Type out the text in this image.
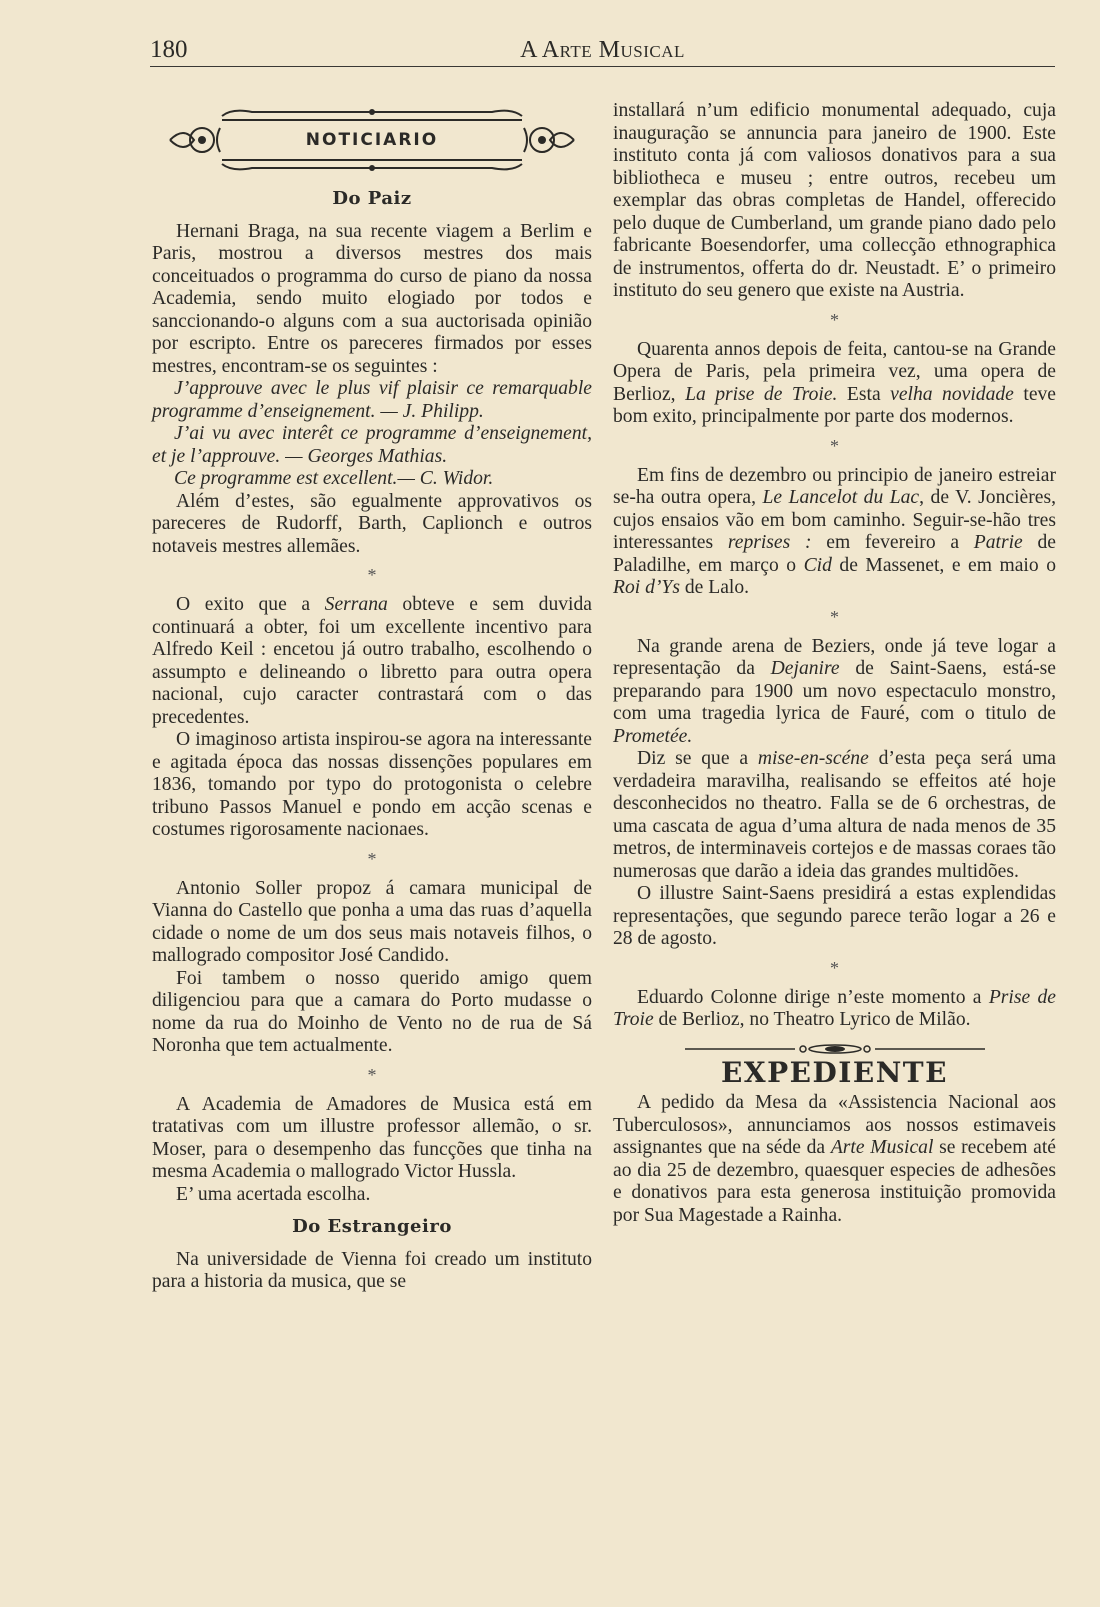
180	A Arte Musical
NOTICIARIO
Do Paiz

Hernani Braga, na sua recente viagem a Berlim e Paris, mostrou a diversos mestres dos mais conceituados o programma do curso de piano da nossa Academia, sendo muito elogiado por todos e sanccionando-o alguns com a sua auctorisada opinião por escripto. Entre os pareceres firmados por esses mestres, encontram-se os seguintes :

J’approuve avec le plus vif plaisir ce remarquable programme d’enseignement. — J. Philipp.

J’ai vu avec interêt ce programme d’enseignement, et je l’approuve. — Georges Mathias.

Ce programme est excellent.— C. Widor.

Além d’estes, são egualmente approvativos os pareceres de Rudorff, Barth, Caplionch e outros notaveis mestres allemães.

*

O exito que a Serrana obteve e sem duvida continuará a obter, foi um excellente incentivo para Alfredo Keil : encetou já outro trabalho, escolhendo o assumpto e delineando o libretto para outra opera nacional, cujo caracter contrastará com o das precedentes.

O imaginoso artista inspirou-se agora na interessante e agitada época das nossas dissenções populares em 1836, tomando por typo do protogonista o celebre tribuno Passos Manuel e pondo em acção scenas e costumes rigorosamente nacionaes.

*

Antonio Soller propoz á camara municipal de Vianna do Castello que ponha a uma das ruas d’aquella cidade o nome de um dos seus mais notaveis filhos, o mallogrado compositor José Candido.

Foi tambem o nosso querido amigo quem diligenciou para que a camara do Porto mudasse o nome da rua do Moinho de Vento no de rua de Sá Noronha que tem actualmente.

*

A Academia de Amadores de Musica está em tratativas com um illustre professor allemão, o sr. Moser, para o desempenho das funcções que tinha na mesma Academia o mallogrado Victor Hussla.

E’ uma acertada escolha.

Do Estrangeiro

Na universidade de Vienna foi creado um instituto para a historia da musica, que se

installará n’um edificio monumental adequado, cuja inauguração se annuncia para janeiro de 1900. Este instituto conta já com valiosos donativos para a sua bibliotheca e museu ; entre outros, recebeu um exemplar das obras completas de Handel, offerecido pelo duque de Cumberland, um grande piano dado pelo fabricante Boesendorfer, uma collecção ethnographica de instrumentos, offerta do dr. Neustadt. E’ o primeiro instituto do seu genero que existe na Austria.

*

Quarenta annos depois de feita, cantou-se na Grande Opera de Paris, pela primeira vez, uma opera de Berlioz, La prise de Troie. Esta velha novidade teve bom exito, principalmente por parte dos modernos.

*

Em fins de dezembro ou principio de janeiro estreiar se-ha outra opera, Le Lancelot du Lac, de V. Joncières, cujos ensaios vão em bom caminho. Seguir-se-hão tres interessantes reprises : em fevereiro a Patrie de Paladilhe, em março o Cid de Massenet, e em maio o Roi d’Ys de Lalo.

*

Na grande arena de Beziers, onde já teve logar a representação da Dejanire de Saint-Saens, está-se preparando para 1900 um novo espectaculo monstro, com uma tragedia lyrica de Fauré, com o titulo de Prometée.

Diz se que a mise-en-scéne d’esta peça será uma verdadeira maravilha, realisando se effeitos até hoje desconhecidos no theatro. Falla se de 6 orchestras, de uma cascata de agua d’uma altura de nada menos de 35 metros, de interminaveis cortejos e de massas coraes tão numerosas que darão a ideia das grandes multidões.

O illustre Saint-Saens presidirá a estas explendidas representações, que segundo parece terão logar a 26 e 28 de agosto.

*

Eduardo Colonne dirige n’este momento a Prise de Troie de Berlioz, no Theatro Lyrico de Milão.

EXPEDIENTE

A pedido da Mesa da «Assistencia Nacional aos Tuberculosos», annunciamos aos nossos estimaveis assignantes que na séde da Arte Musical se recebem até ao dia 25 de dezembro, quaesquer especies de adhesões e donativos para esta generosa instituição promovida por Sua Magestade a Rainha.
